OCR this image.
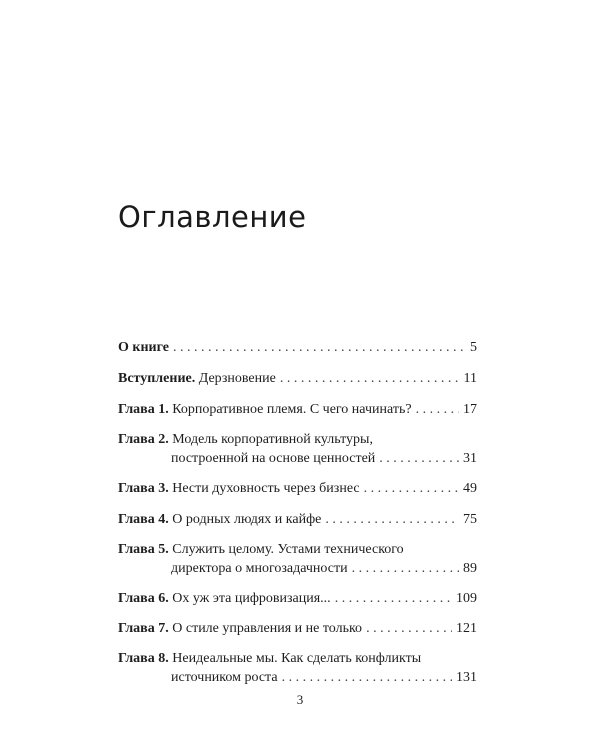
Оглавление
О книге . . .	5
Вступление. Дерзновение . . .	11
Глава 1. Корпоративное племя. С чего начинать? . . .	17
Глава 2. Модель корпоративной культуры,
построенной на основе ценностей . . .	31
Глава 3. Нести духовность через бизнес . . .	49
Глава 4. О родных людях и кайфе . . .	75
Глава 5. Служить целому. Устами технического
директора о многозадачности . . .	89
Глава 6. Ох уж эта цифровизация... . . .	109
Глава 7. О стиле управления и не только . . .	121
Глава 8. Неидеальные мы. Как сделать конфликты
источником роста . . .	131
3
